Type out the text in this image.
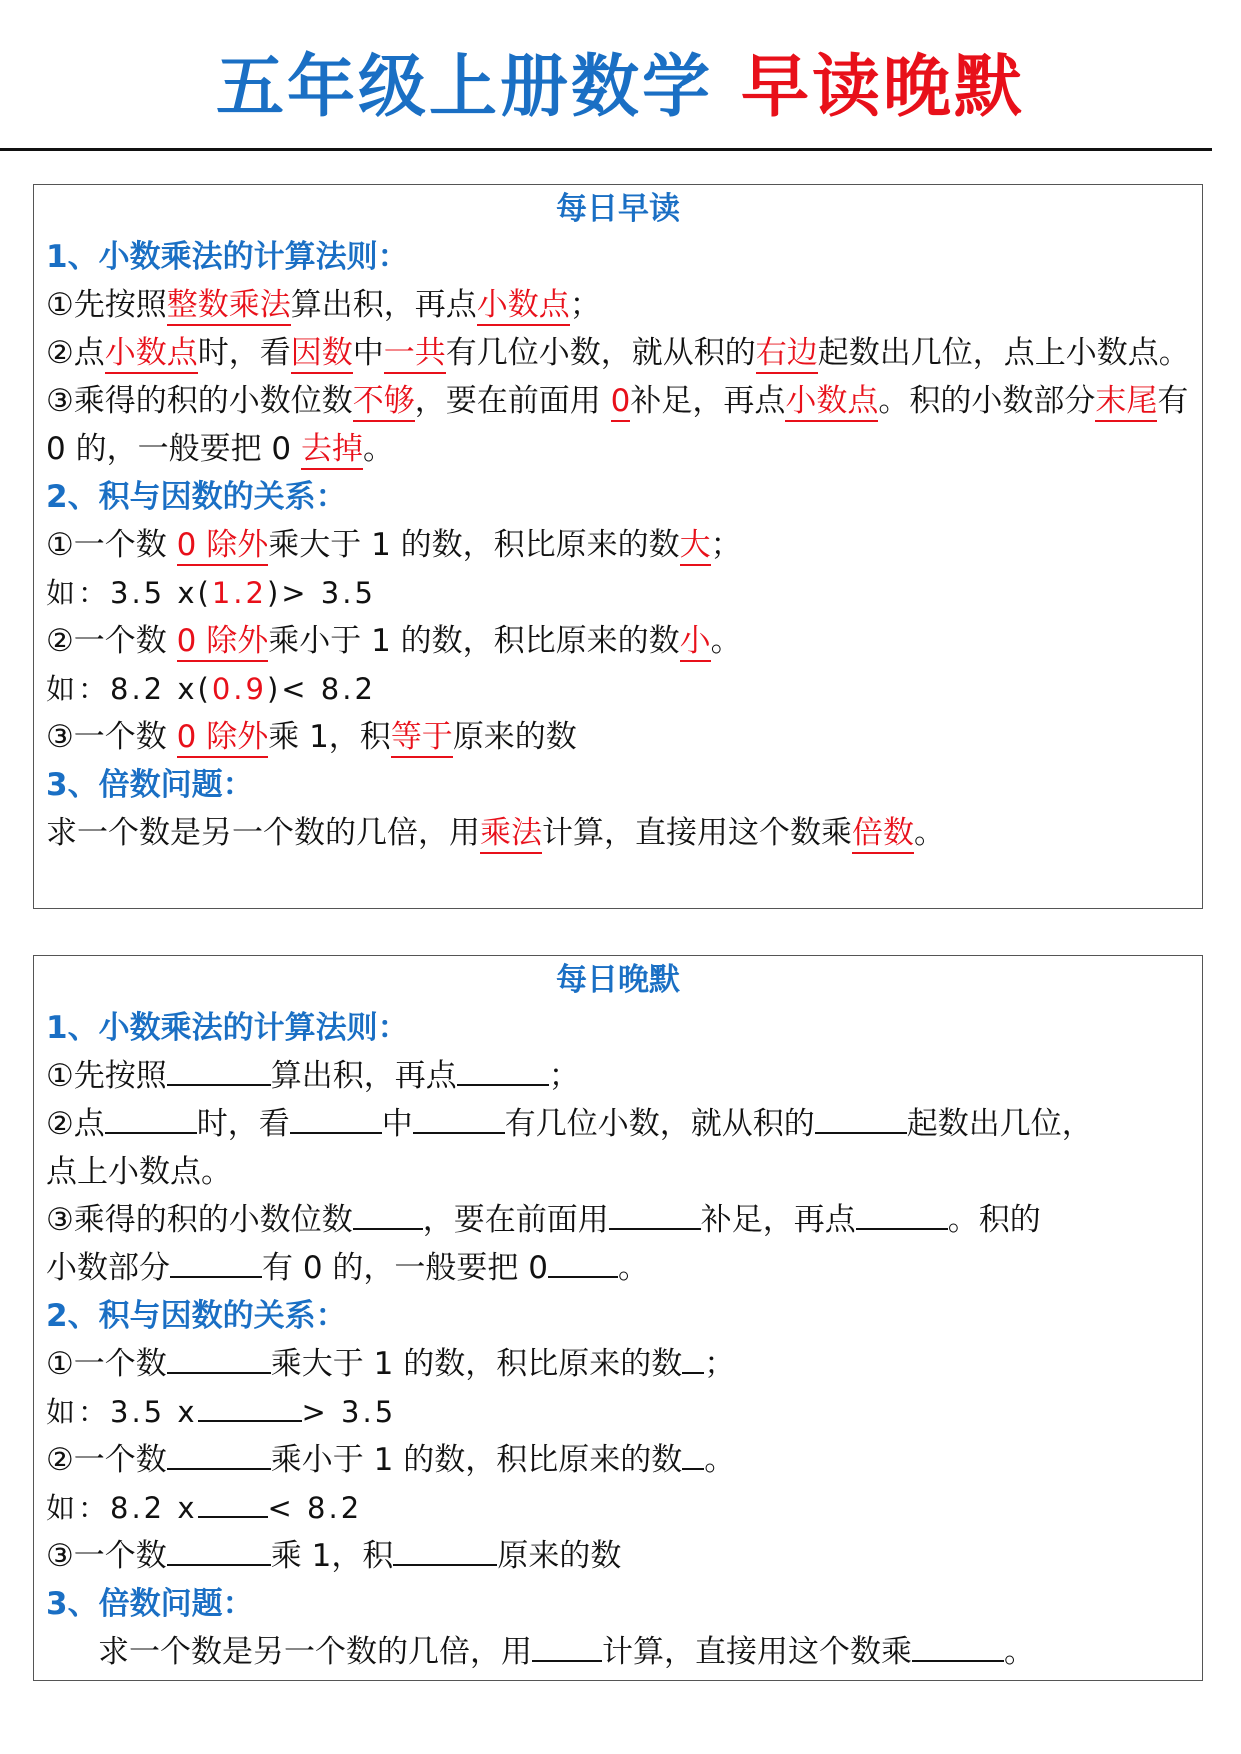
五年级上册数学 早读晚默
每日早读
1、小数乘法的计算法则：
①先按照整数乘法算出积，再点小数点；
②点小数点时，看因数中一共有几位小数，就从积的右边起数出几位，点上小数点。
③乘得的积的小数位数不够，要在前面用 0补足，再点小数点。积的小数部分末尾有 0 的，一般要把 0 去掉。
2、积与因数的关系：
①一个数 0 除外乘大于 1 的数，积比原来的数大；
如：3.5 x(1.2)> 3.5
②一个数 0 除外乘小于 1 的数，积比原来的数小。
如：8.2 x(0.9)< 8.2
③一个数 0 除外乘 1，积等于原来的数
3、倍数问题：
求一个数是另一个数的几倍，用乘法计算，直接用这个数乘倍数。
每日晚默
1、小数乘法的计算法则：
①先按照	算出积，再点	；
②点	时，看	中	有几位小数，就从积的	起数出几位，
点上小数点。
③乘得的积的小数位数 ，要在前面用	补足，再点	。积的
小数部分	有 0 的，一般要把 0 。
2、积与因数的关系：
①一个数	乘大于 1 的数，积比原来的数 ；
如：3.5 x	> 3.5
②一个数	乘小于 1 的数，积比原来的数 。
如：8.2 x < 8.2
③一个数	乘 1，积	原来的数
3、倍数问题：
求一个数是另一个数的几倍，用 计算，直接用这个数乘	。
